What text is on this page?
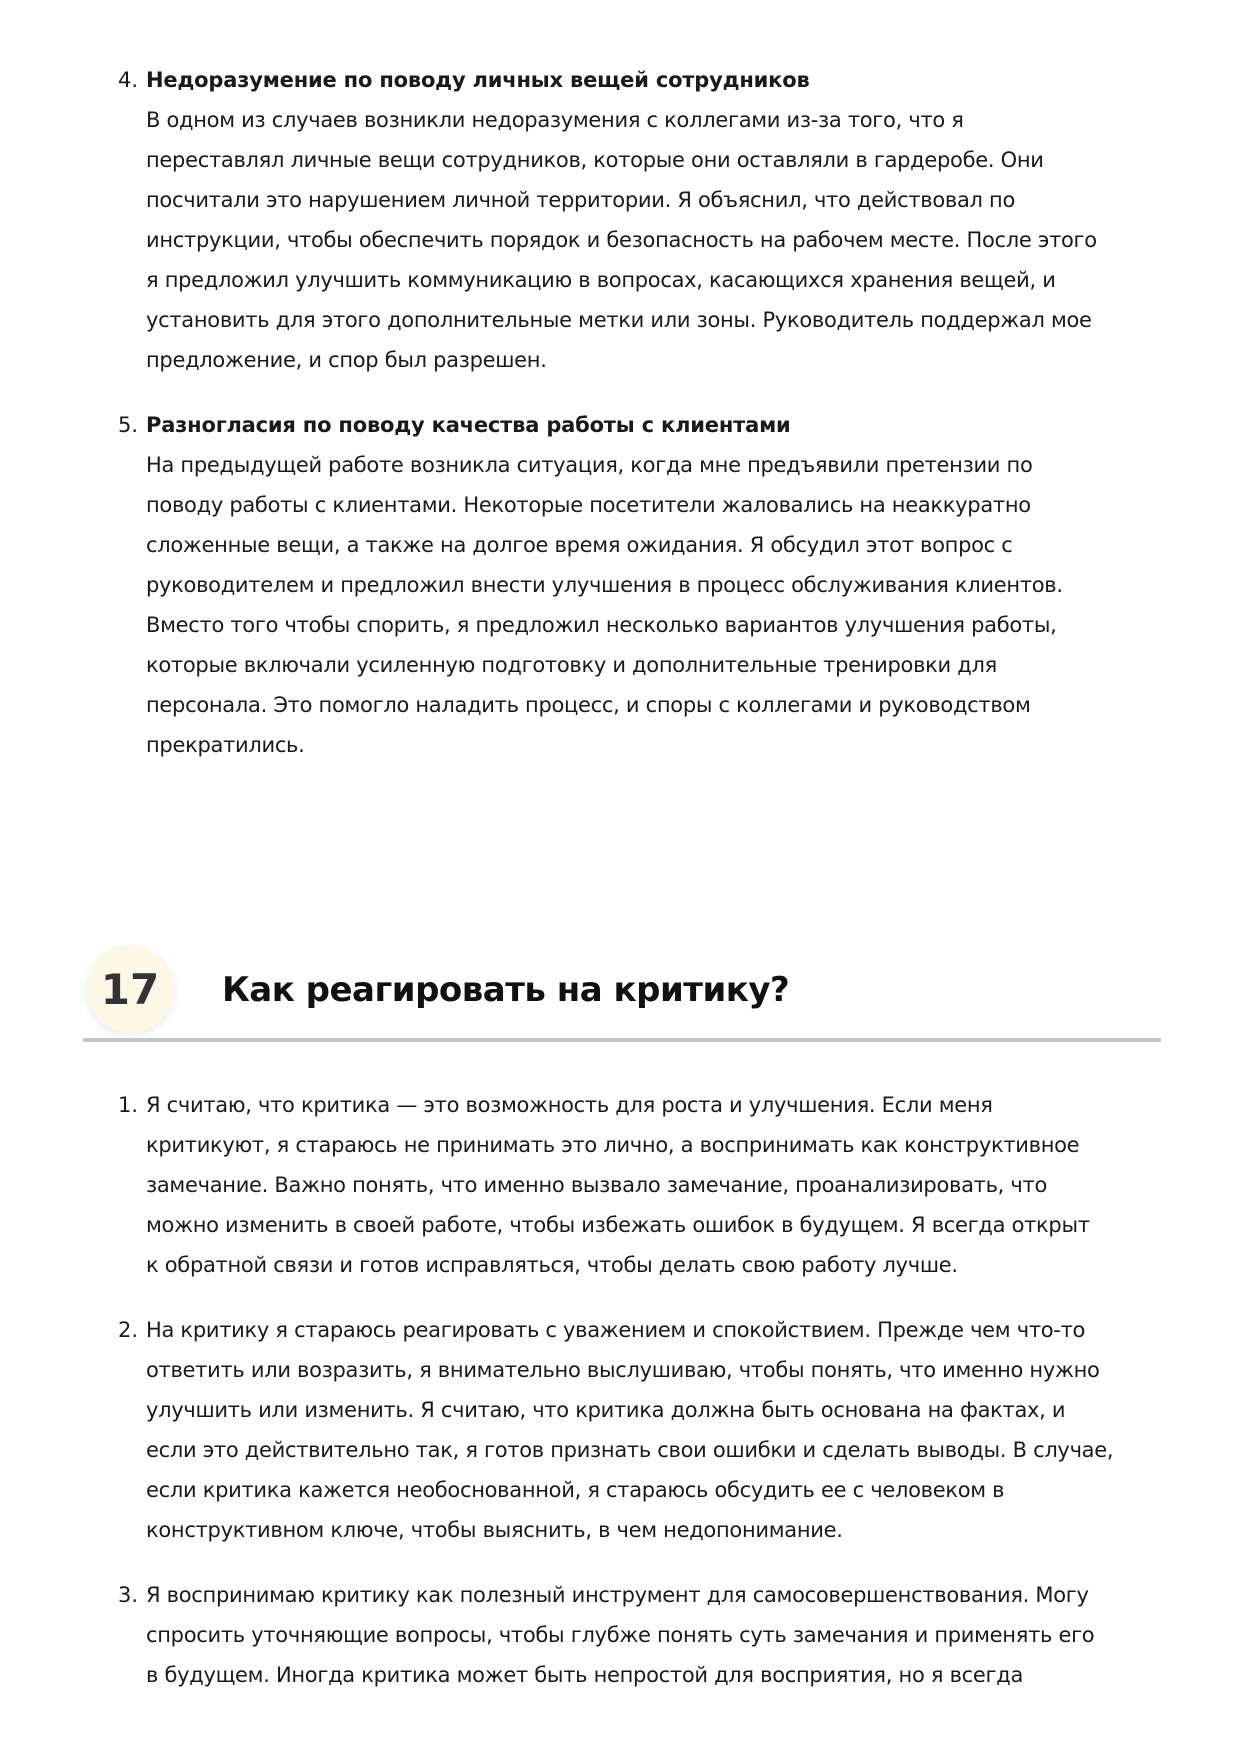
4. Недоразумение по поводу личных вещей сотрудников
В одном из случаев возникли недоразумения с коллегами из-за того, что я
переставлял личные вещи сотрудников, которые они оставляли в гардеробе. Они
посчитали это нарушением личной территории. Я объяснил, что действовал по
инструкции, чтобы обеспечить порядок и безопасность на рабочем месте. После этого
я предложил улучшить коммуникацию в вопросах, касающихся хранения вещей, и
установить для этого дополнительные метки или зоны. Руководитель поддержал мое
предложение, и спор был разрешен.
5. Разногласия по поводу качества работы с клиентами
На предыдущей работе возникла ситуация, когда мне предъявили претензии по
поводу работы с клиентами. Некоторые посетители жаловались на неаккуратно
сложенные вещи, а также на долгое время ожидания. Я обсудил этот вопрос с
руководителем и предложил внести улучшения в процесс обслуживания клиентов.
Вместо того чтобы спорить, я предложил несколько вариантов улучшения работы,
которые включали усиленную подготовку и дополнительные тренировки для
персонала. Это помогло наладить процесс, и споры с коллегами и руководством
прекратились.
17	Как реагировать на критику?
1. Я считаю, что критика — это возможность для роста и улучшения. Если меня
критикуют, я стараюсь не принимать это лично, а воспринимать как конструктивное
замечание. Важно понять, что именно вызвало замечание, проанализировать, что
можно изменить в своей работе, чтобы избежать ошибок в будущем. Я всегда открыт
к обратной связи и готов исправляться, чтобы делать свою работу лучше.
2. На критику я стараюсь реагировать с уважением и спокойствием. Прежде чем что-то
ответить или возразить, я внимательно выслушиваю, чтобы понять, что именно нужно
улучшить или изменить. Я считаю, что критика должна быть основана на фактах, и
если это действительно так, я готов признать свои ошибки и сделать выводы. В случае,
если критика кажется необоснованной, я стараюсь обсудить ее с человеком в
конструктивном ключе, чтобы выяснить, в чем недопонимание.
3. Я воспринимаю критику как полезный инструмент для самосовершенствования. Могу
спросить уточняющие вопросы, чтобы глубже понять суть замечания и применять его
в будущем. Иногда критика может быть непростой для восприятия, но я всегда
